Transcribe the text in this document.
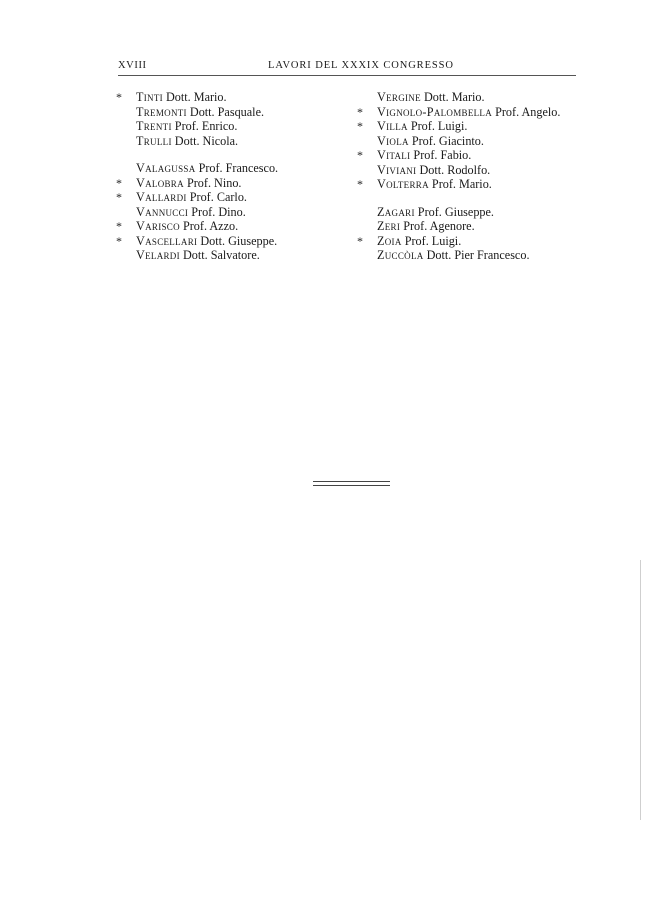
XVIII	LAVORI DEL XXXIX CONGRESSO
* Tinti Dott. Mario.
Tremonti Dott. Pasquale.
Trenti Prof. Enrico.
Trulli Dott. Nicola.
Valagussa Prof. Francesco.
* Valobra Prof. Nino.
* Vallardi Prof. Carlo.
Vannucci Prof. Dino.
* Varisco Prof. Azzo.
* Vascellari Dott. Giuseppe.
Velardi Dott. Salvatore.
Vergine Dott. Mario.
* Vignolo-Palombella Prof. Angelo.
* Villa Prof. Luigi.
Viola Prof. Giacinto.
* Vitali Prof. Fabio.
Viviani Dott. Rodolfo.
* Volterra Prof. Mario.
Zagari Prof. Giuseppe.
Zeri Prof. Agenore.
* Zoia Prof. Luigi.
Zuccòla Dott. Pier Francesco.
